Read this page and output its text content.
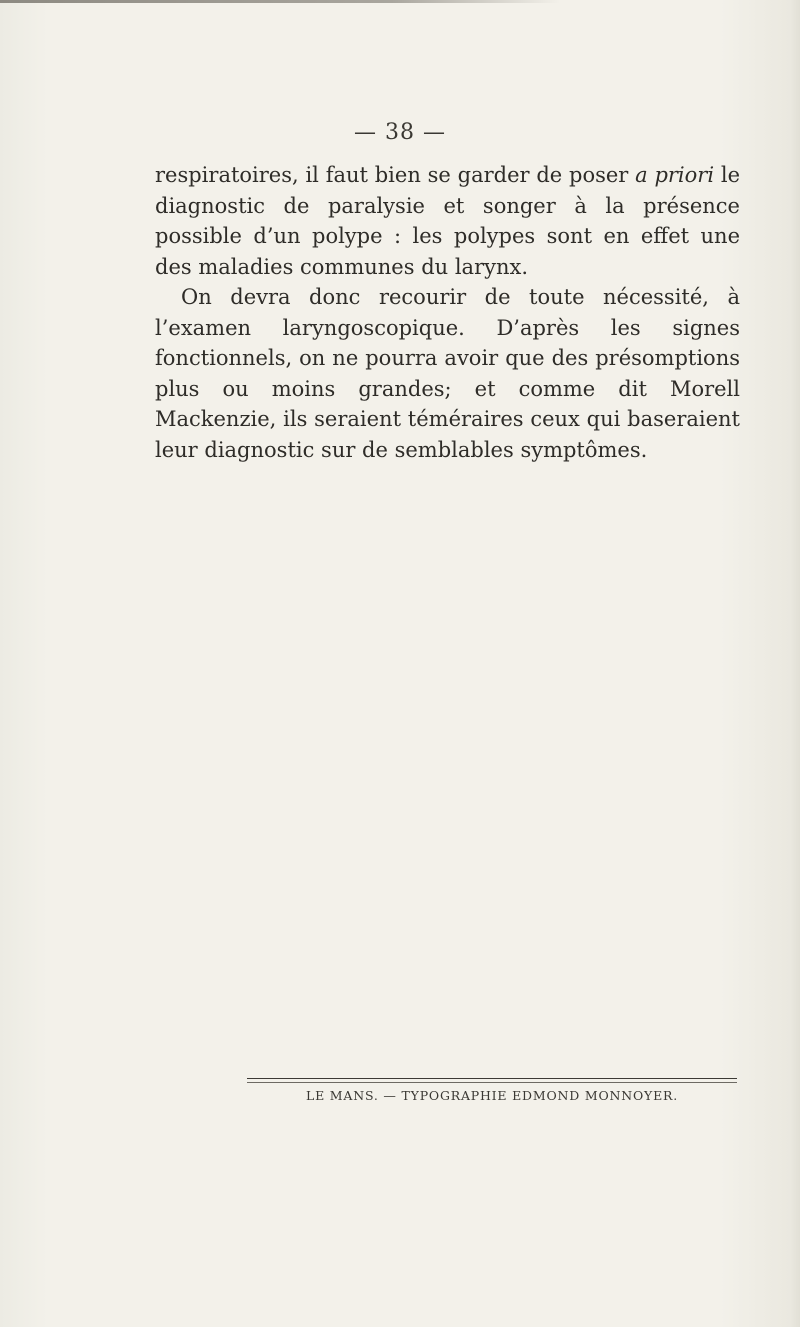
— 38 —

respiratoires, il faut bien se garder de poser a priori le diagnostic de paralysie et songer à la présence possible d’un polype : les polypes sont en effet une des maladies communes du larynx.

On devra donc recourir de toute nécessité, à l’examen laryngoscopique. D’après les signes fonctionnels, on ne pourra avoir que des présomptions plus ou moins grandes; et comme dit Morell Mackenzie, ils seraient téméraires ceux qui baseraient leur diagnostic sur de semblables symptômes.

LE MANS. — TYPOGRAPHIE EDMOND MONNOYER.
